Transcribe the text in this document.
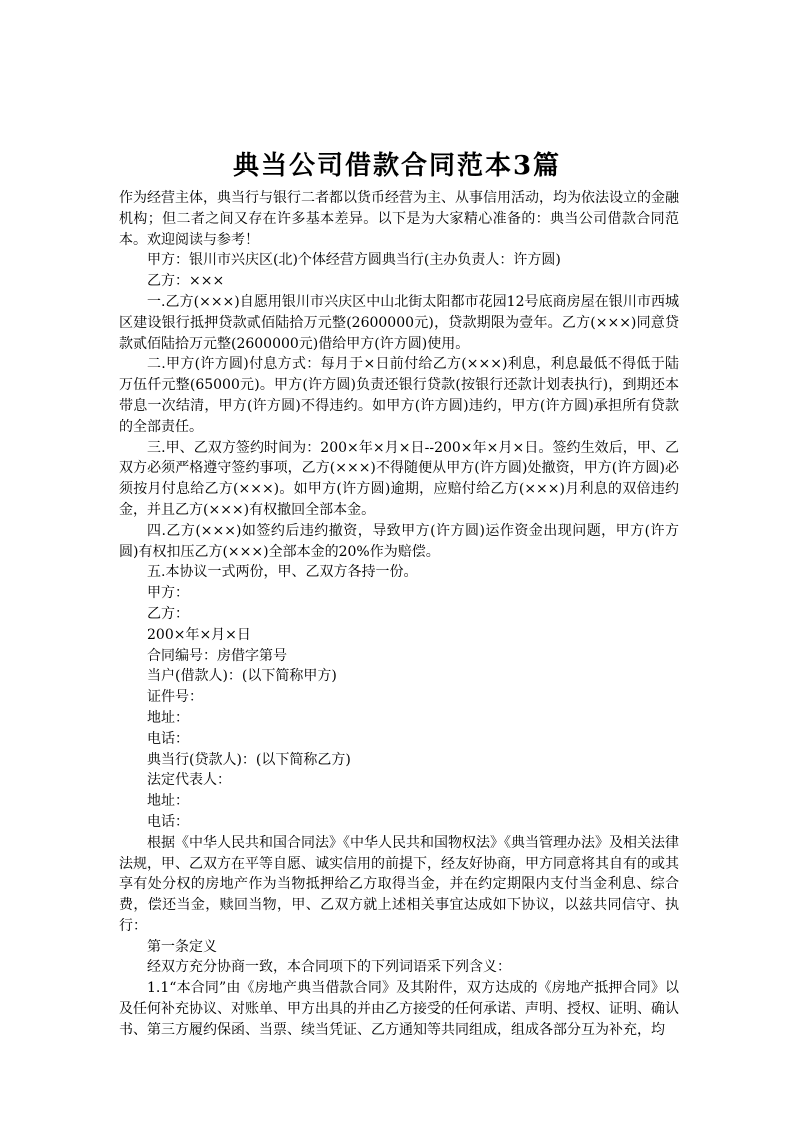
典当公司借款合同范本3篇

作为经营主体，典当行与银行二者都以货币经营为主、从事信用活动，均为依法设立的金融机构；但二者之间又存在许多基本差异。以下是为大家精心准备的：典当公司借款合同范本。欢迎阅读与参考！

甲方：银川市兴庆区(北)个体经营方圆典当行(主办负责人：许方圆)

乙方：×××

一.乙方(×××)自愿用银川市兴庆区中山北街太阳都市花园12号底商房屋在银川市西城区建设银行抵押贷款贰佰陆拾万元整(2600000元)，贷款期限为壹年。乙方(×××)同意贷款贰佰陆拾万元整(2600000元)借给甲方(许方圆)使用。

二.甲方(许方圆)付息方式：每月于×日前付给乙方(×××)利息，利息最低不得低于陆万伍仟元整(65000元)。甲方(许方圆)负责还银行贷款(按银行还款计划表执行)，到期还本带息一次结清，甲方(许方圆)不得违约。如甲方(许方圆)违约，甲方(许方圆)承担所有贷款的全部责任。

三.甲、乙双方签约时间为：200×年×月×日--200×年×月×日。签约生效后，甲、乙双方必须严格遵守签约事项，乙方(×××)不得随便从甲方(许方圆)处撤资，甲方(许方圆)必须按月付息给乙方(×××)。如甲方(许方圆)逾期，应赔付给乙方(×××)月利息的双倍违约金，并且乙方(×××)有权撤回全部本金。

四.乙方(×××)如签约后违约撤资，导致甲方(许方圆)运作资金出现问题，甲方(许方圆)有权扣压乙方(×××)全部本金的20%作为赔偿。

五.本协议一式两份，甲、乙双方各持一份。

甲方：

乙方：

200×年×月×日

合同编号：房借字第号

当户(借款人)：(以下简称甲方)

证件号：

地址：

电话：

典当行(贷款人)：(以下简称乙方)

法定代表人：

地址：

电话：

根据《中华人民共和国合同法》《中华人民共和国物权法》《典当管理办法》及相关法律法规，甲、乙双方在平等自愿、诚实信用的前提下，经友好协商，甲方同意将其自有的或其享有处分权的房地产作为当物抵押给乙方取得当金，并在约定期限内支付当金利息、综合费，偿还当金，赎回当物，甲、乙双方就上述相关事宜达成如下协议，以兹共同信守、执行：

第一条定义

经双方充分协商一致，本合同项下的下列词语采下列含义：

1.1“本合同”由《房地产典当借款合同》及其附件，双方达成的《房地产抵押合同》以及任何补充协议、对账单、甲方出具的并由乙方接受的任何承诺、声明、授权、证明、确认书、第三方履约保函、当票、续当凭证、乙方通知等共同组成，组成各部分互为补充，均
